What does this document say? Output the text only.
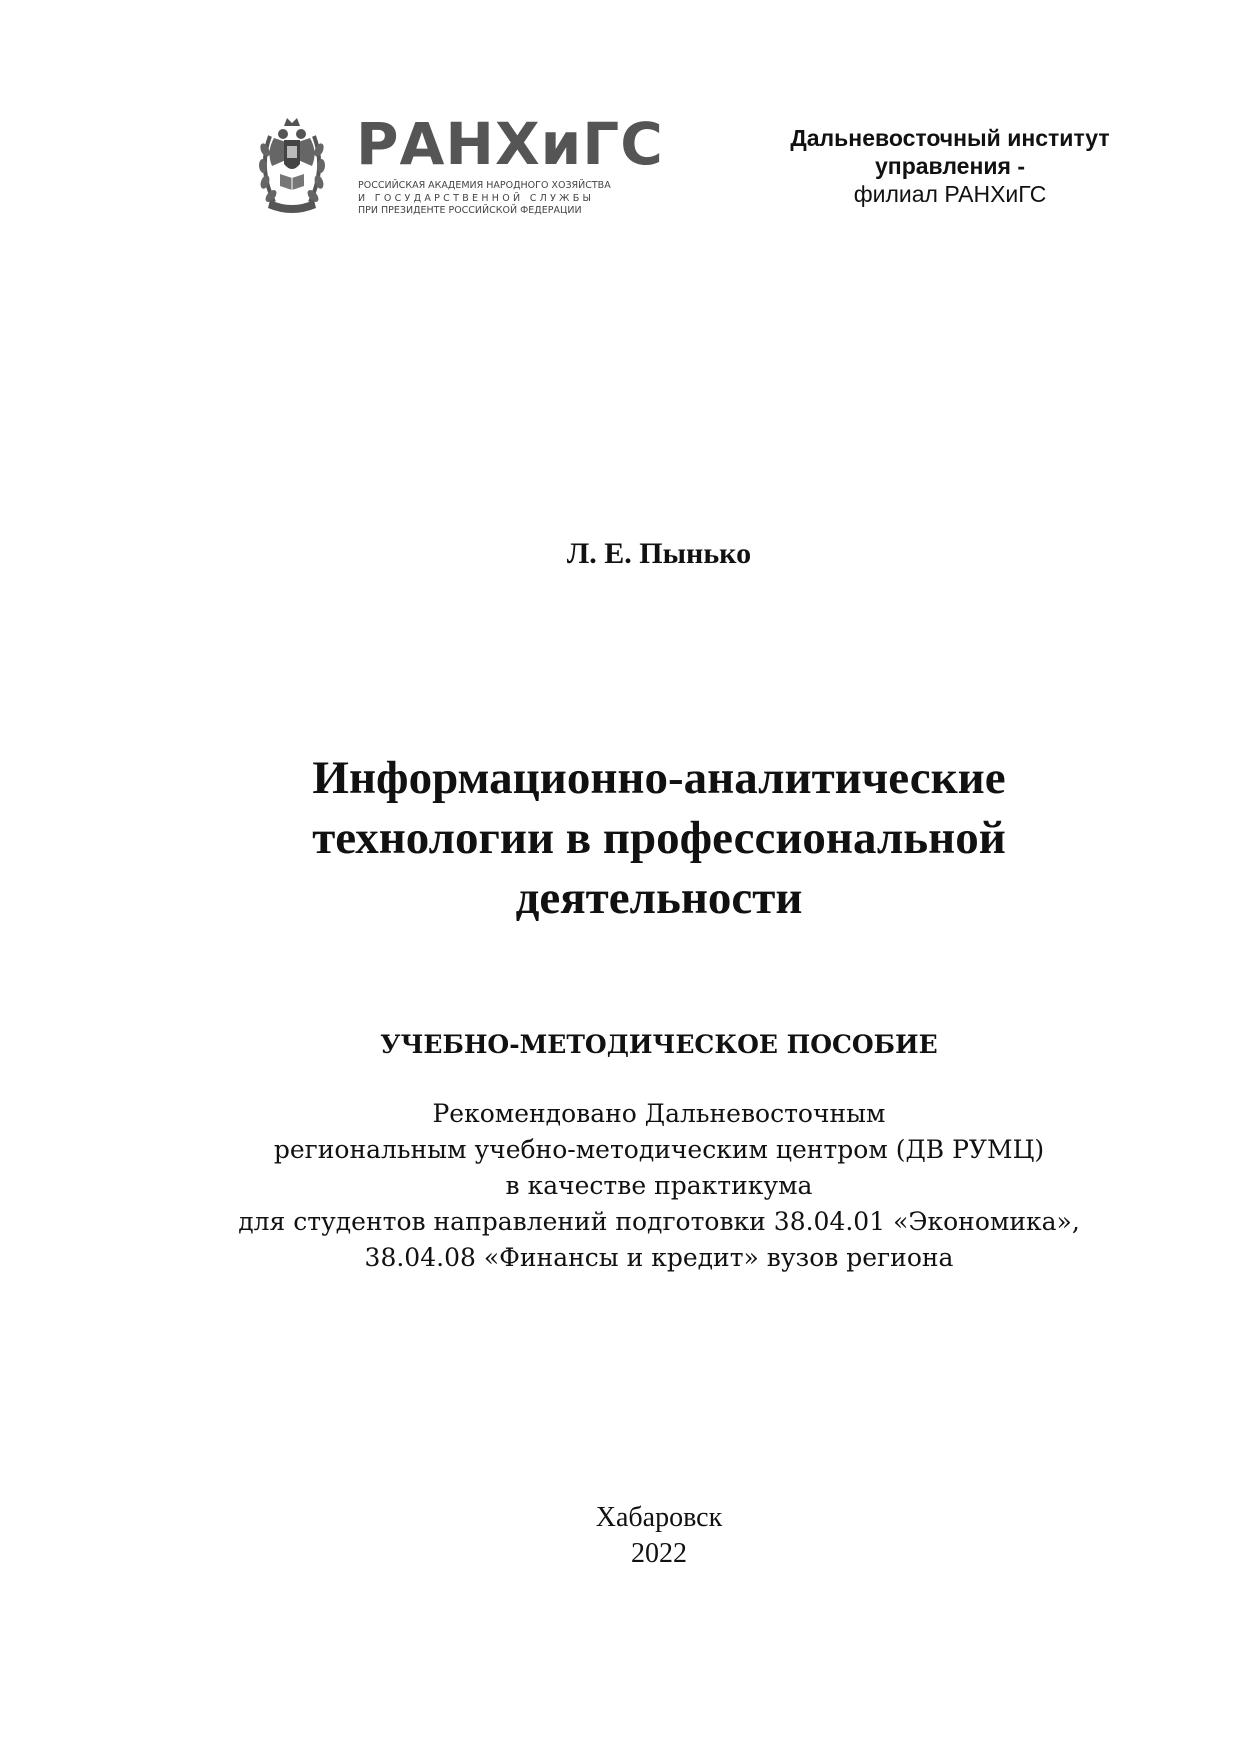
РАНХиГС
РОССИЙСКАЯ АКАДЕМИЯ НАРОДНОГО ХОЗЯЙСТВА
И ГОСУДАРСТВЕННОЙ СЛУЖБЫ
ПРИ ПРЕЗИДЕНТЕ РОССИЙСКОЙ ФЕДЕРАЦИИ
Дальневосточный институт
управления -
филиал РАНХиГС
Л. Е. Пынько
Информационно-аналитические
технологии в профессиональной
деятельности
УЧЕБНО-МЕТОДИЧЕСКОЕ ПОСОБИЕ
Рекомендовано Дальневосточным
региональным учебно-методическим центром (ДВ РУМЦ)
в качестве практикума
для студентов направлений подготовки 38.04.01 «Экономика»,
38.04.08 «Финансы и кредит» вузов региона
Хабаровск
2022
